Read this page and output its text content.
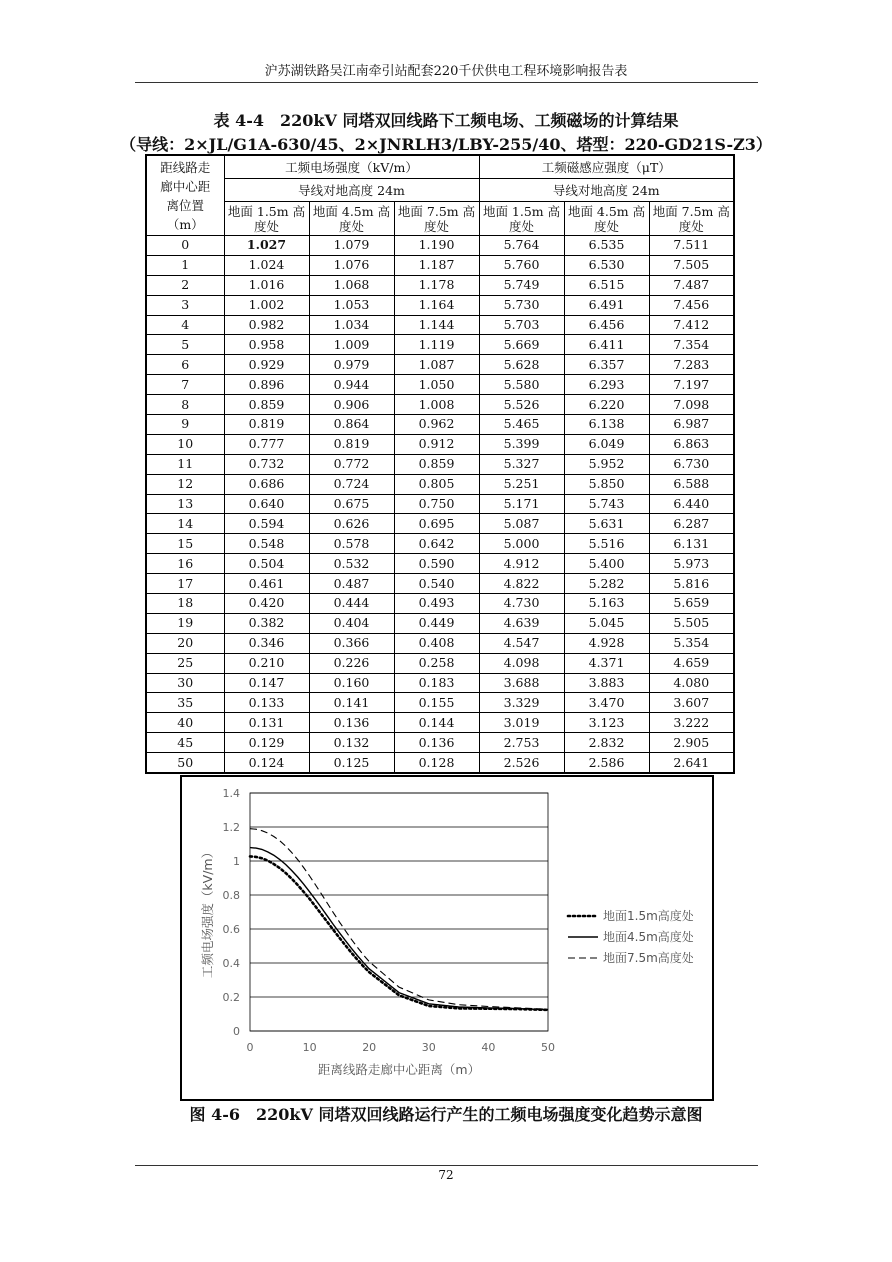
沪苏湖铁路吴江南牵引站配套220千伏供电工程环境影响报告表
表 4-4　220kV 同塔双回线路下工频电场、工频磁场的计算结果
（导线：2×JL/G1A-630/45、2×JNRLH3/LBY-255/40、塔型：220-GD21S-Z3）
距线路走廊中心距离位置（m）	工频电场强度（kV/m）			工频磁感应强度（μT）		
	导线对地高度 24m			导线对地高度 24m		
	地面 1.5m 高度处	地面 4.5m 高度处	地面 7.5m 高度处	地面 1.5m 高度处	地面 4.5m 高度处	地面 7.5m 高度处
0	1.027	1.079	1.190	5.764	6.535	7.511
1	1.024	1.076	1.187	5.760	6.530	7.505
2	1.016	1.068	1.178	5.749	6.515	7.487
3	1.002	1.053	1.164	5.730	6.491	7.456
4	0.982	1.034	1.144	5.703	6.456	7.412
5	0.958	1.009	1.119	5.669	6.411	7.354
6	0.929	0.979	1.087	5.628	6.357	7.283
7	0.896	0.944	1.050	5.580	6.293	7.197
8	0.859	0.906	1.008	5.526	6.220	7.098
9	0.819	0.864	0.962	5.465	6.138	6.987
10	0.777	0.819	0.912	5.399	6.049	6.863
11	0.732	0.772	0.859	5.327	5.952	6.730
12	0.686	0.724	0.805	5.251	5.850	6.588
13	0.640	0.675	0.750	5.171	5.743	6.440
14	0.594	0.626	0.695	5.087	5.631	6.287
15	0.548	0.578	0.642	5.000	5.516	6.131
16	0.504	0.532	0.590	4.912	5.400	5.973
17	0.461	0.487	0.540	4.822	5.282	5.816
18	0.420	0.444	0.493	4.730	5.163	5.659
19	0.382	0.404	0.449	4.639	5.045	5.505
20	0.346	0.366	0.408	4.547	4.928	5.354
25	0.210	0.226	0.258	4.098	4.371	4.659
30	0.147	0.160	0.183	3.688	3.883	4.080
35	0.133	0.141	0.155	3.329	3.470	3.607
40	0.131	0.136	0.144	3.019	3.123	3.222
45	0.129	0.132	0.136	2.753	2.832	2.905
50	0.124	0.125	0.128	2.526	2.586	2.641
0
0.2
0.4
0.6
0.8
1
1.2
1.4
0	10	20	30	40	50
距离线路走廊中心距离（m）
工频电场强度（kV/m）	地面1.5m高度处
地面4.5m高度处
地面7.5m高度处
图 4-6　220kV 同塔双回线路运行产生的工频电场强度变化趋势示意图
72
